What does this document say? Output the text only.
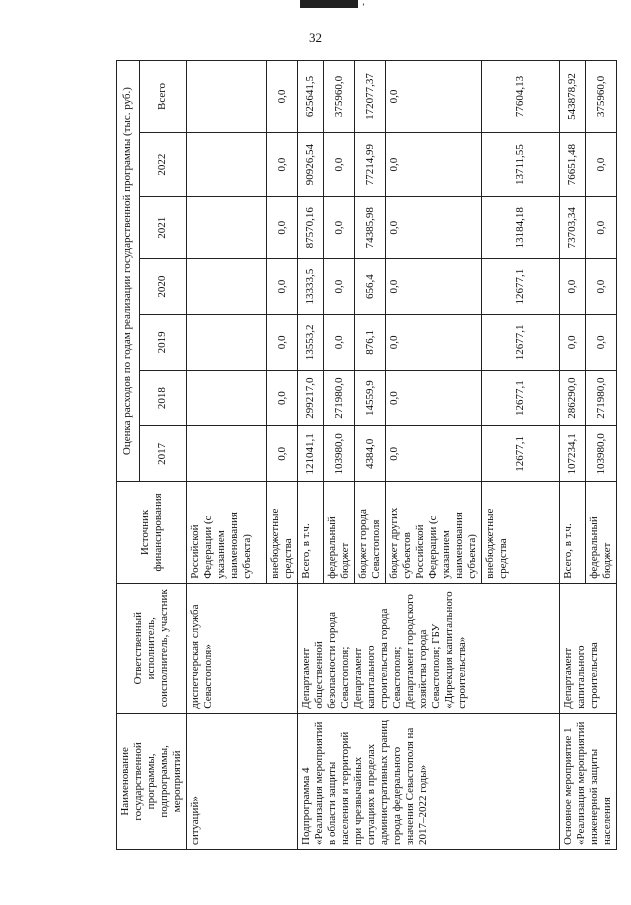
ʼ
32
Наименование государственной программы, подпрограммы, мероприятий	Ответственный исполнитель, соисполнитель, участник	Источник финансирования	Оценка расходов по годам реализации государственной программы (тыс. руб.)						
			2017	2018	2019	2020	2021	2022	Всего
ситуаций»	диспетчерская служба Севастополя»	Российской Федерации (с указанием наименования субъекта)							
		внебюджетные средства	0,0	0,0	0,0	0,0	0,0	0,0	0,0
Подпрограмма 4 «Реализация мероприятий в области защиты населения и территорий при чрезвычайных ситуациях в пределах административных границ города федерального значения Севастополя на 2017–2022 годы»	Департамент общественной безопасности города Севастополя; Департамент капитального строительства города Севастополя; Департамент городского хозяйства города Севастополя; ГБУ «Дирекция капитального строительства»	Всего, в т.ч.	121041,1	299217,0	13553,2	13333,5	87570,16	90926,54	625641,5
		федеральный бюджет	103980,0	271980,0	0,0	0,0	0,0	0,0	375960,0
		бюджет города Севастополя	4384,0	14559,9	876,1	656,4	74385,98	77214,99	172077,37
		бюджет других субъектов Российской Федерации (с указанием наименования субъекта)	0,0	0,0	0,0	0,0	0,0	0,0	0,0
		внебюджетные средства	12677,1	12677,1	12677,1	12677,1	13184,18	13711,55	77604,13
Основное мероприятие 1 «Реализация мероприятий инженерной защиты населения	Департамент капитального строительства	Всего, в т.ч.	107234,1	286290,0	0,0	0,0	73703,34	76651,48	543878,92
		федеральный бюджет	103980,0	271980,0	0,0	0,0	0,0	0,0	375960,0
